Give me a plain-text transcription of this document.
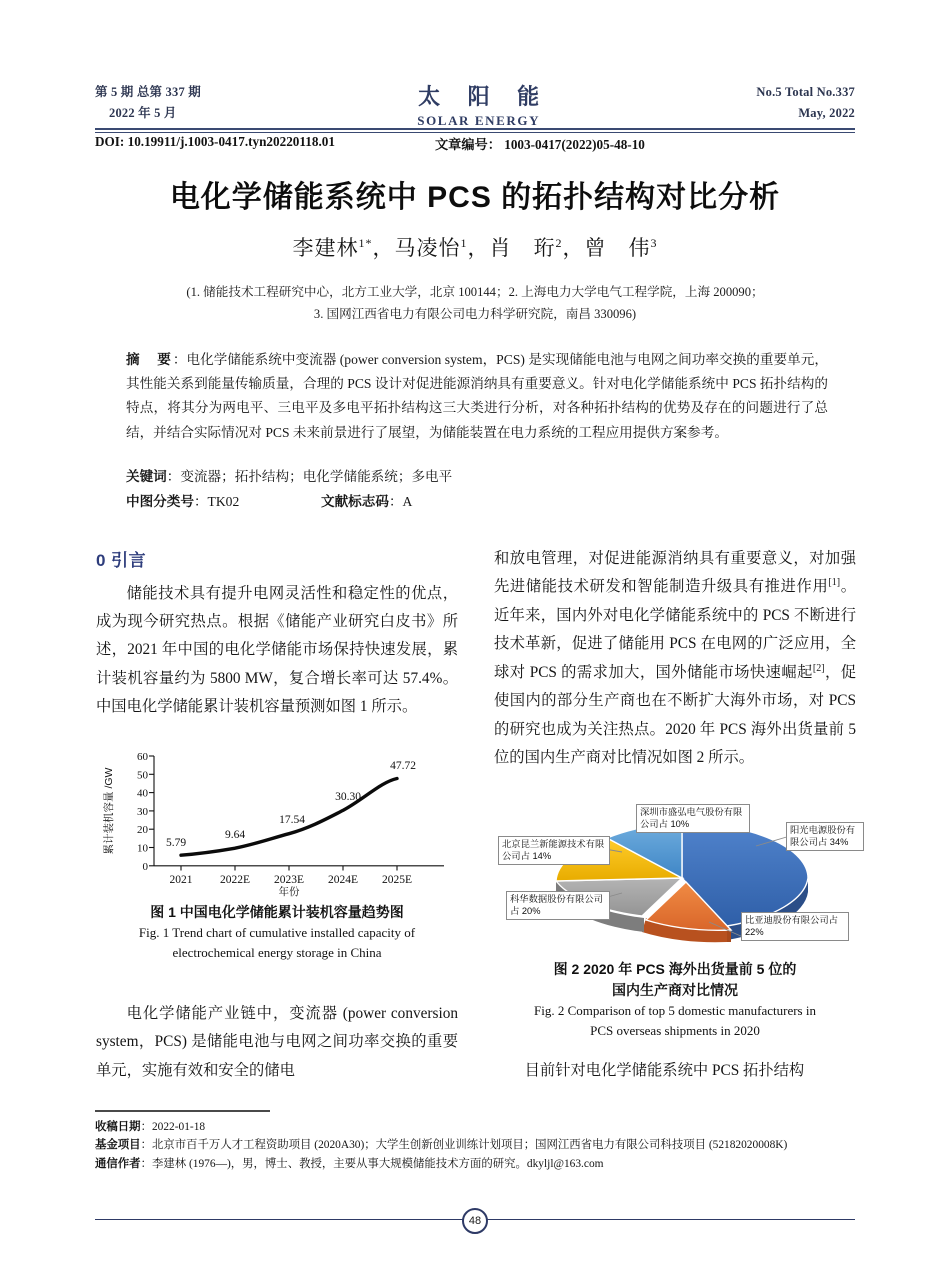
第 5 期 总第 337 期
2022 年 5 月
太 阳 能
SOLAR ENERGY
No.5 Total No.337
May, 2022
DOI: 10.19911/j.1003-0417.tyn20220118.01	文章编号： 1003-0417(2022)05-48-10
电化学储能系统中 PCS 的拓扑结构对比分析
李建林$^{1*}$，马凌怡$^1$，肖　珩$^2$，曾　伟$^3$
(1. 储能技术工程研究中心，北方工业大学，北京 100144；2. 上海电力大学电气工程学院，上海 200090；
3. 国网江西省电力有限公司电力科学研究院，南昌 330096)
摘　要：电化学储能系统中变流器 (power conversion system，PCS) 是实现储能电池与电网之间功率交换的重要单元，其性能关系到能量传输质量，合理的 PCS 设计对促进能源消纳具有重要意义。针对电化学储能系统中 PCS 拓扑结构的特点，将其分为两电平、三电平及多电平拓扑结构这三大类进行分析，对各种拓扑结构的优势及存在的问题进行了总结，并结合实际情况对 PCS 未来前景进行了展望，为储能装置在电力系统的工程应用提供方案参考。
关键词：变流器；拓扑结构；电化学储能系统；多电平
中图分类号：TK02	文献标志码：A
0 引言

储能技术具有提升电网灵活性和稳定性的优点，成为现今研究热点。根据《储能产业研究白皮书》所述，2021 年中国的电化学储能市场保持快速发展，累计装机容量约为 5800 MW，复合增长率可达 57.4%。中国电化学储能累计装机容量预测如图 1 所示。

60
50
40
30
20
10
0
2021 2022E 2023E 2024E 2025E
年份
累计装机容量 /GW	5.79
9.64
17.54
30.30
47.72
图 1 中国电化学储能累计装机容量趋势图
Fig. 1 Trend chart of cumulative installed capacity of
electrochemical energy storage in China

电化学储能产业链中，变流器 (power conversion system，PCS) 是储能电池与电网之间功率交换的重要单元，实施有效和安全的储电

和放电管理，对促进能源消纳具有重要意义，对加强先进储能技术研发和智能制造升级具有推进作用[1]。近年来，国内外对电化学储能系统中的 PCS 不断进行技术革新，促进了储能用 PCS 在电网的广泛应用，全球对 PCS 的需求加大，国外储能市场快速崛起[2]，促使国内的部分生产商也在不断扩大海外市场，对 PCS 的研究也成为关注热点。2020 年 PCS 海外出货量前 5 位的国内生产商对比情况如图 2 所示。

深圳市盛弘电气股份有限公司占 10%
北京昆兰新能源技术有限公司占 14%
科华数据股份有限公司占 20%
阳光电源股份有限公司占 34%
比亚迪股份有限公司占 22%
图 2 2020 年 PCS 海外出货量前 5 位的
国内生产商对比情况
Fig. 2 Comparison of top 5 domestic manufacturers in
PCS overseas shipments in 2020

目前针对电化学储能系统中 PCS 拓扑结构

收稿日期：2022-01-18
基金项目：北京市百千万人才工程资助项目 (2020A30)；大学生创新创业训练计划项目；国网江西省电力有限公司科技项目 (52182020008K)
通信作者：李建林 (1976—)，男，博士、教授，主要从事大规模储能技术方面的研究。dkyljl@163.com
48
